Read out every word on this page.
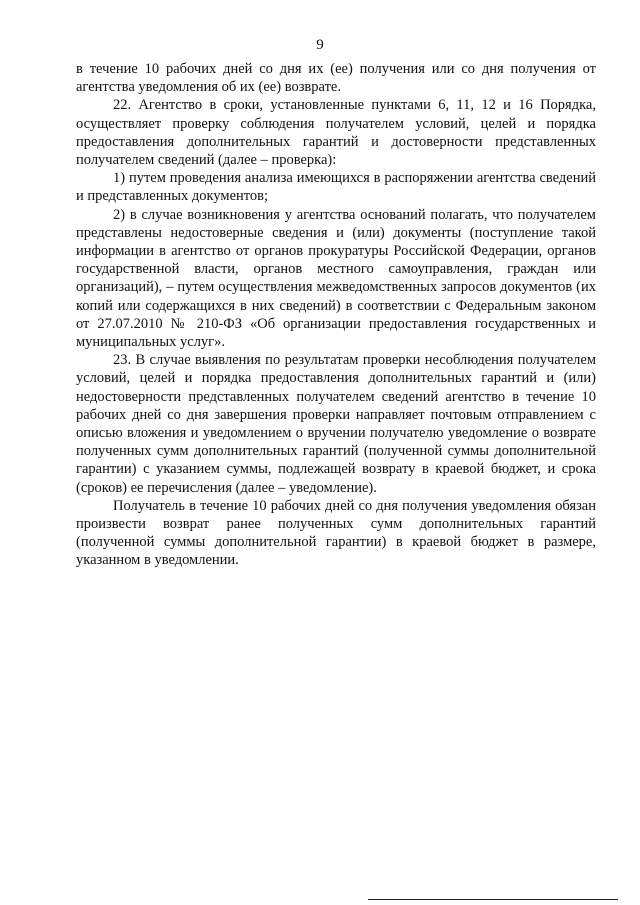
9

в течение 10 рабочих дней со дня их (ее) получения или со дня получения от агентства уведомления об их (ее) возврате.

22. Агентство в сроки, установленные пунктами 6, 11, 12 и 16 Порядка, осуществляет проверку соблюдения получателем условий, целей и порядка предоставления дополнительных гарантий и достоверности представленных получателем сведений (далее – проверка):

1) путем проведения анализа имеющихся в распоряжении агентства сведений и представленных документов;

2) в случае возникновения у агентства оснований полагать, что получателем представлены недостоверные сведения и (или) документы (поступление такой информации в агентство от органов прокуратуры Российской Федерации, органов государственной власти, органов местного самоуправления, граждан или организаций), – путем осуществления межведомственных запросов документов (их копий или содержащихся в них сведений) в соответствии с Федеральным законом от 27.07.2010 № 210-ФЗ «Об организации предоставления государственных и муниципальных услуг».

23. В случае выявления по результатам проверки несоблюдения получателем условий, целей и порядка предоставления дополнительных гарантий и (или) недостоверности представленных получателем сведений агентство в течение 10 рабочих дней со дня завершения проверки направляет почтовым отправлением с описью вложения и уведомлением о вручении получателю уведомление о возврате полученных сумм дополнительных гарантий (полученной суммы дополнительной гарантии) с указанием суммы, подлежащей возврату в краевой бюджет, и срока (сроков) ее перечисления (далее – уведомление).

Получатель в течение 10 рабочих дней со дня получения уведомления обязан произвести возврат ранее полученных сумм дополнительных гарантий (полученной суммы дополнительной гарантии) в краевой бюджет в размере, указанном в уведомлении.
